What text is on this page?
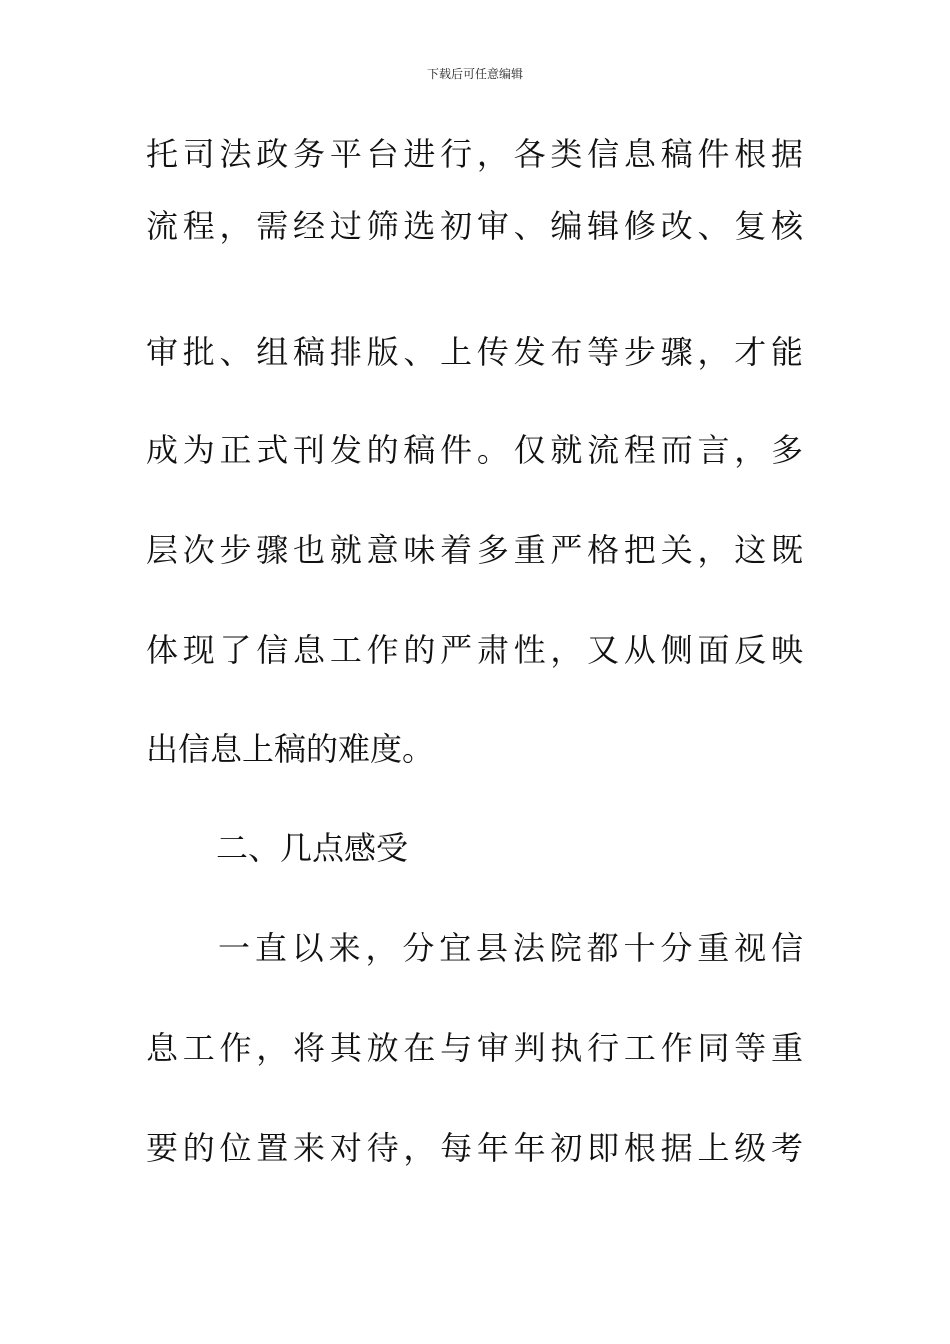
下载后可任意编辑
托司法政务平台进行，各类信息稿件根据
流程，需经过筛选初审、编辑修改、复核
审批、组稿排版、上传发布等步骤，才能
成为正式刊发的稿件。仅就流程而言，多
层次步骤也就意味着多重严格把关，这既
体现了信息工作的严肃性，又从侧面反映
出信息上稿的难度。
二、几点感受
一直以来，分宜县法院都十分重视信
息工作，将其放在与审判执行工作同等重
要的位置来对待，每年年初即根据上级考
